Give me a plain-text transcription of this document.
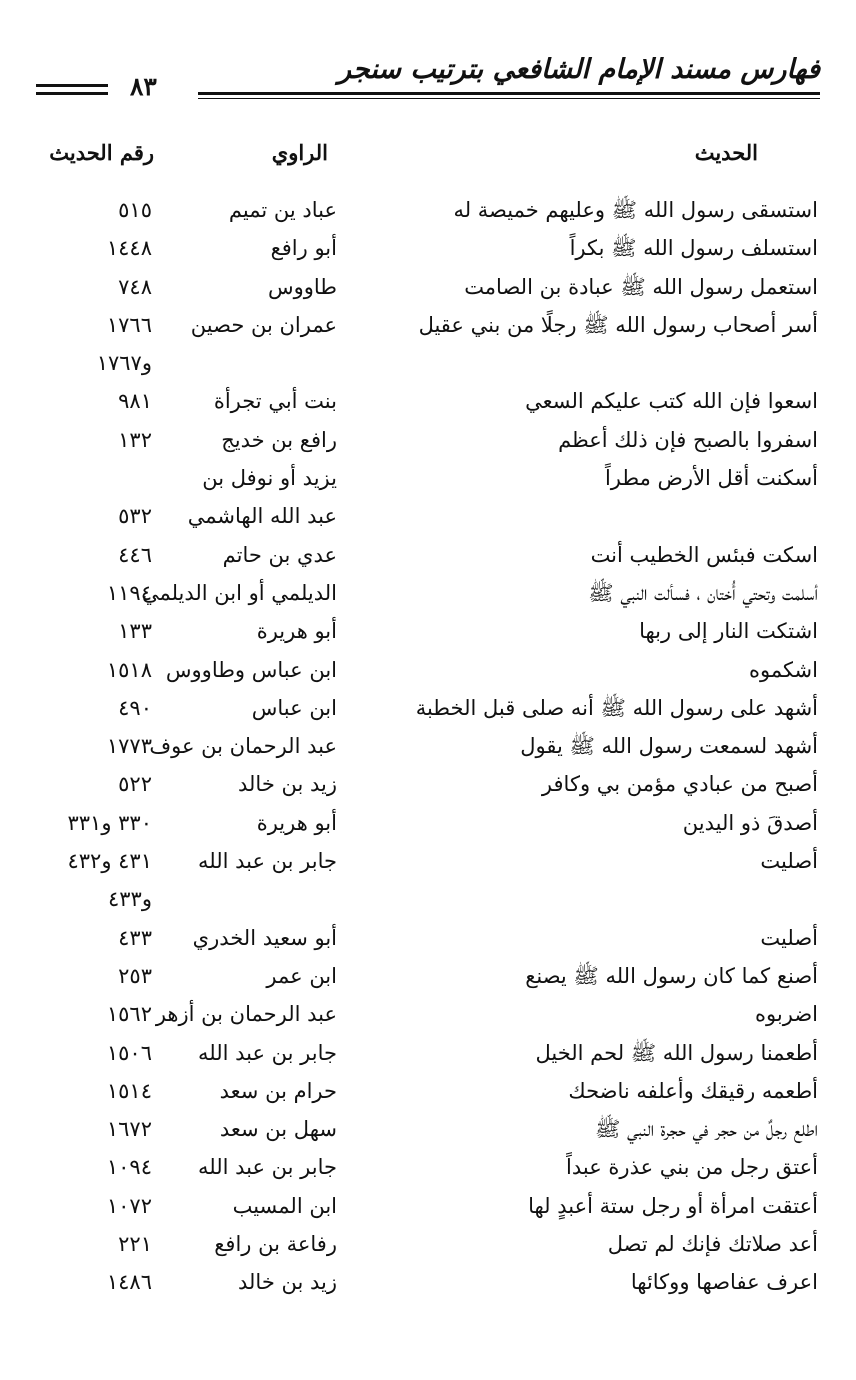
فهارس مسند الإمام الشافعي بترتيب سنجر
٨٣
الحديث
الراوي
رقم الحديث
استسقى رسول الله ﷺ وعليهم خميصة له
عباد ين تميم
٥١٥
استسلف رسول الله ﷺ بكراً
أبو رافع
١٤٤٨
استعمل رسول الله ﷺ عبادة بن الصامت
طاووس
٧٤٨
أسر أصحاب رسول الله ﷺ رجلًا من بني عقيل
عمران بن حصين
١٧٦٦
و١٧٦٧
اسعوا فإن الله كتب عليكم السعي
بنت أبي تجرأة
٩٨١
اسفروا بالصبح فإن ذلك أعظم
رافع بن خديج
١٣٢
أسكنت أقل الأرض مطراً
يزيد أو نوفل بن
عبد الله الهاشمي
٥٣٢
اسكت فبئس الخطيب أنت
عدي بن حاتم
٤٤٦
أسلمت وتحتي أُختان ، فسألت النبي ﷺ
الديلمي أو ابن الديلمي
١١٩٤
اشتكت النار إلى ربها
أبو هريرة
١٣٣
اشكموه
ابن عباس وطاووس
١٥١٨
أشهد على رسول الله ﷺ أنه صلى قبل الخطبة
ابن عباس
٤٩٠
أشهد لسمعت رسول الله ﷺ يقول
عبد الرحمان بن عوف
١٧٧٣
أصبح من عبادي مؤمن بي وكافر
زيد بن خالد
٥٢٢
أصدقَ ذو اليدين
أبو هريرة
٣٣٠ و٣٣١
أصليت
جابر بن عبد الله
٤٣١ و٤٣٢
و٤٣٣
أصليت
أبو سعيد الخدري
٤٣٣
أصنع كما كان رسول الله ﷺ يصنع
ابن عمر
٢٥٣
اضربوه
عبد الرحمان بن أزهر
١٥٦٢
أطعمنا رسول الله ﷺ لحم الخيل
جابر بن عبد الله
١٥٠٦
أطعمه رقيقك وأعلفه ناضحك
حرام بن سعد
١٥١٤
اطلع رجلٌ من حجر في حجرة النبي ﷺ
سهل بن سعد
١٦٧٢
أعتق رجل من بني عذرة عبداً
جابر بن عبد الله
١٠٩٤
أعتقت امرأة أو رجل ستة أعبدٍ لها
ابن المسيب
١٠٧٢
أعد صلاتك فإنك لم تصل
رفاعة بن رافع
٢٢١
اعرف عفاصها ووكائها
زيد بن خالد
١٤٨٦
